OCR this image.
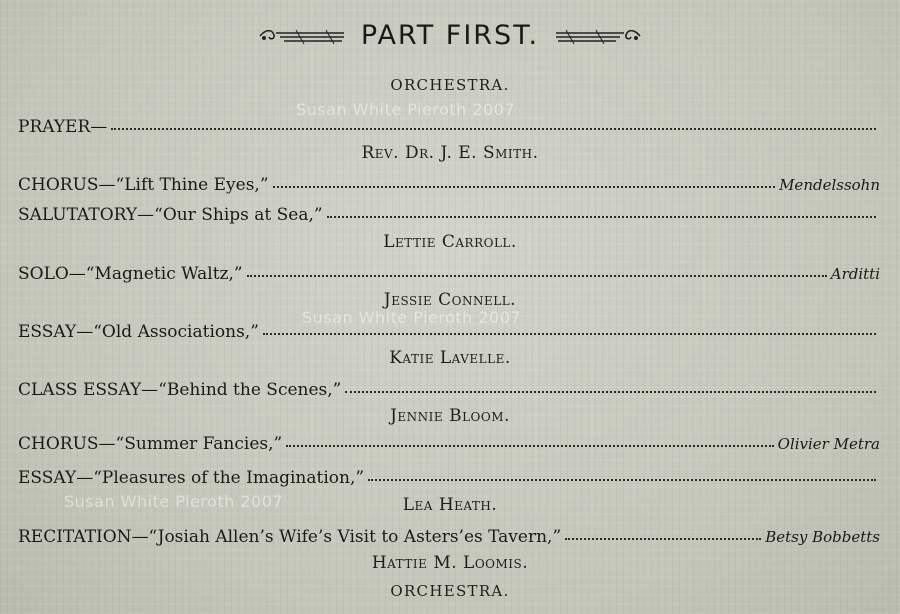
PART FIRST.
ORCHESTRA.
Susan White Pieroth 2007
Susan White Pieroth 2007
Susan White Pieroth 2007
PRAYER—
Rev. Dr. J. E. Smith.
CHORUS—“Lift Thine Eyes,”	Mendelssohn
SALUTATORY—“Our Ships at Sea,”
Lettie Carroll.
SOLO—“Magnetic Waltz,”	Arditti
Jessie Connell.
ESSAY—“Old Associations,”
Katie Lavelle.
CLASS ESSAY—“Behind the Scenes,”
Jennie Bloom.
CHORUS—“Summer Fancies,”	Olivier Metra
ESSAY—“Pleasures of the Imagination,”
Lea Heath.
RECITATION—“Josiah Allen’s Wife’s Visit to Asters’es Tavern,”	Betsy Bobbetts
Hattie M. Loomis.
ORCHESTRA.
